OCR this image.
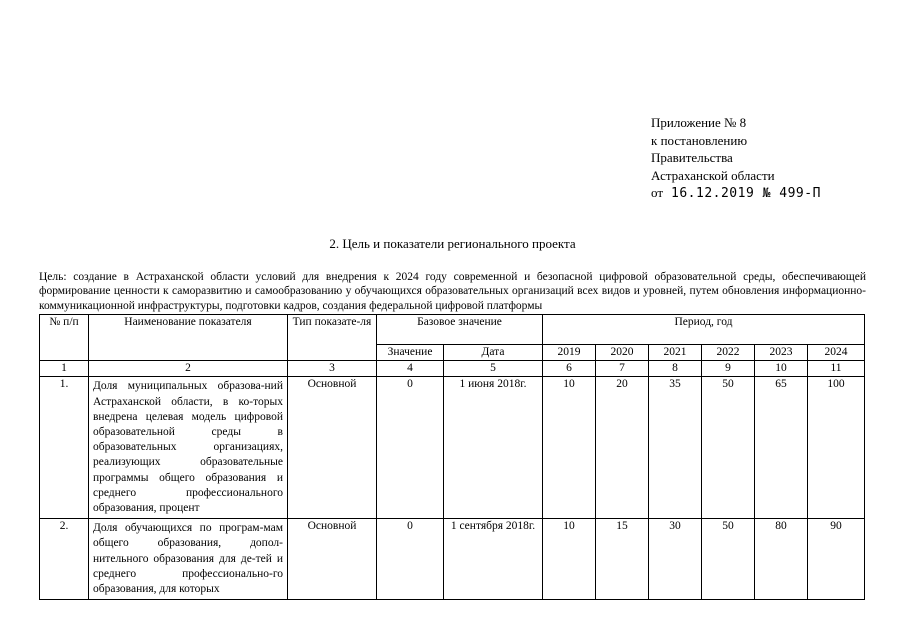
Приложение № 8
к постановлению
Правительства
Астраханской области
от 16.12.2019 № 499-П
2. Цель и показатели регионального проекта
Цель: создание в Астраханской области условий для внедрения к 2024 году современной и безопасной цифровой образовательной среды, обеспечивающей формирование ценности к саморазвитию и самообразованию у обучающихся образовательных организаций всех видов и уровней, путем обновления информационно-коммуникационной инфраструктуры, подготовки кадров, создания федеральной цифровой платформы
№ п/п	Наименование показателя	Тип показате-ля	Базовое значение		Период, год					
			Значение	Дата	2019	2020	2021	2022	2023	2024
1	2	3	4	5	6	7	8	9	10	11
1.	Доля муниципальных образова-ний Астраханской области, в ко-торых внедрена целевая модель цифровой образовательной среды в образовательных организациях, реализующих образовательные программы общего образования и среднего профессионального образования, процент	Основной	0	1 июня 2018г.	10	20	35	50	65	100
2.	Доля обучающихся по програм-мам общего образования, допол-нительного образования для де-тей и среднего профессионально-го образования, для которых	Основной	0	1 сентября 2018г.	10	15	30	50	80	90
